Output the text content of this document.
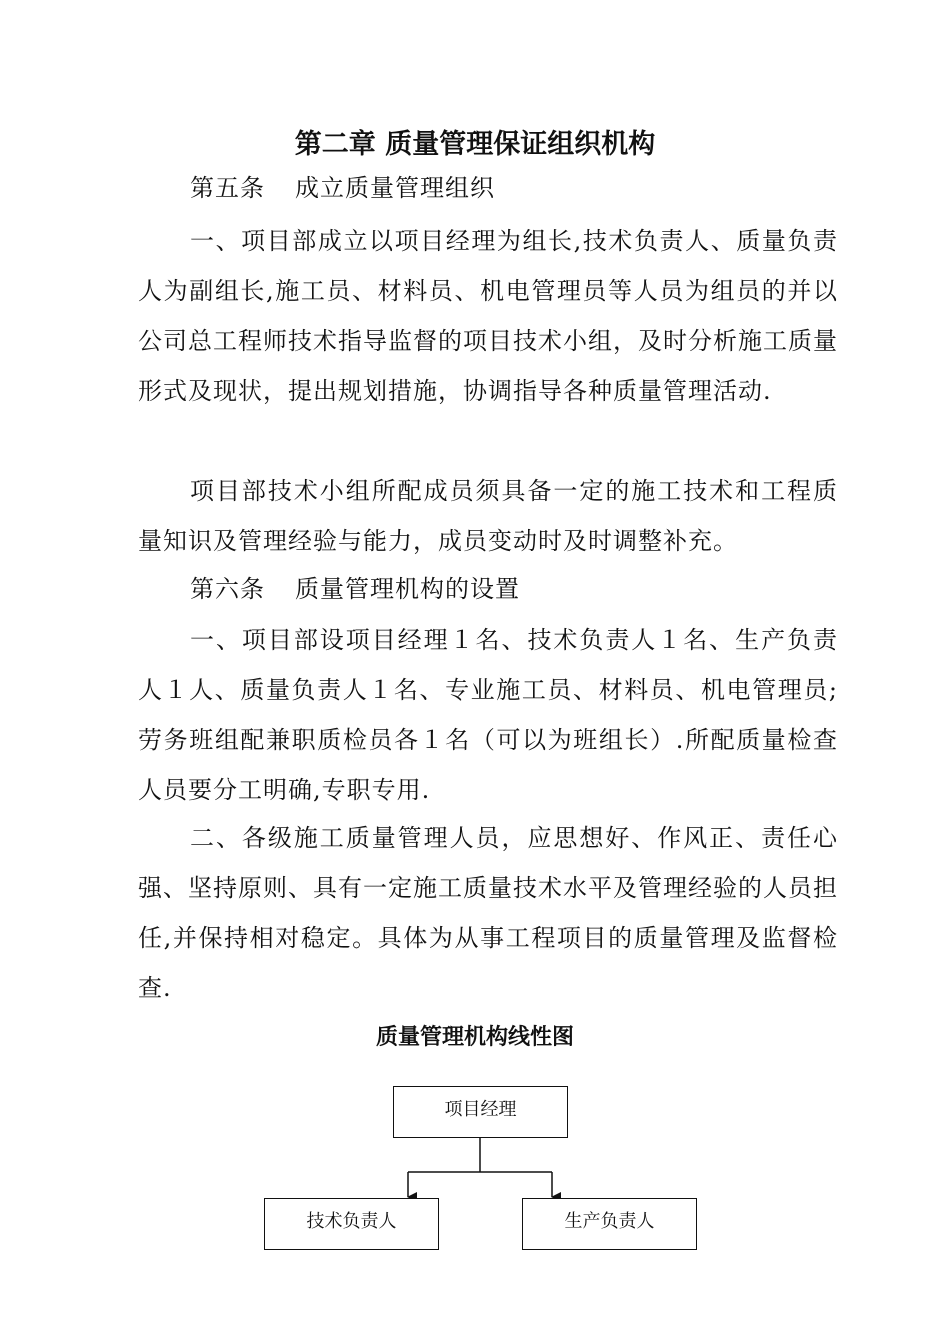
第二章 质量管理保证组织机构
第五条 成立质量管理组织
一、项目部成立以项目经理为组长,技术负责人、质量负责人为副组长,施工员、材料员、机电管理员等人员为组员的并以公司总工程师技术指导监督的项目技术小组，及时分析施工质量形式及现状，提出规划措施，协调指导各种质量管理活动.
项目部技术小组所配成员须具备一定的施工技术和工程质量知识及管理经验与能力，成员变动时及时调整补充。
第六条 质量管理机构的设置
一、项目部设项目经理１名、技术负责人１名、生产负责人１人、质量负责人１名、专业施工员、材料员、机电管理员;劳务班组配兼职质检员各１名（可以为班组长）.所配质量检查人员要分工明确,专职专用.
二、各级施工质量管理人员，应思想好、作风正、责任心强、坚持原则、具有一定施工质量技术水平及管理经验的人员担任,并保持相对稳定。具体为从事工程项目的质量管理及监督检查.
质量管理机构线性图
项目经理
技术负责人	生产负责人
